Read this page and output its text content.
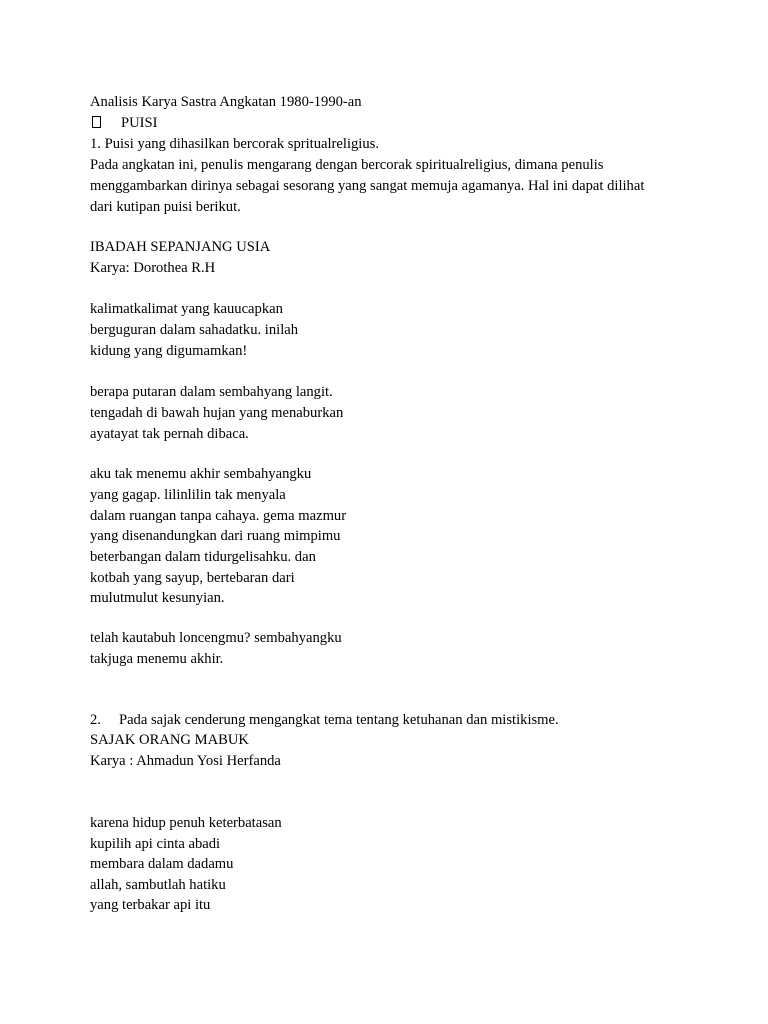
Analisis Karya Sastra Angkatan 1980-1990-an
PUISI
1. Puisi yang dihasilkan bercorak spritualreligius.
Pada angkatan ini, penulis mengarang dengan bercorak spiritualreligius, dimana penulis
menggambarkan dirinya sebagai sesorang yang sangat memuja agamanya. Hal ini dapat dilihat
dari kutipan puisi berikut.
IBADAH SEPANJANG USIA
Karya: Dorothea R.H
kalimatkalimat yang kauucapkan
berguguran dalam sahadatku. inilah
kidung yang digumamkan!
berapa putaran dalam sembahyang langit.
tengadah di bawah hujan yang menaburkan
ayatayat tak pernah dibaca.
aku tak menemu akhir sembahyangku
yang gagap. lilinlilin tak menyala
dalam ruangan tanpa cahaya. gema mazmur
yang disenandungkan dari ruang mimpimu
beterbangan dalam tidurgelisahku. dan
kotbah yang sayup, bertebaran dari
mulutmulut kesunyian.
telah kautabuh loncengmu? sembahyangku
takjuga menemu akhir.
2. Pada sajak cenderung mengangkat tema tentang ketuhanan dan mistikisme.
SAJAK ORANG MABUK
Karya : Ahmadun Yosi Herfanda
karena hidup penuh keterbatasan
kupilih api cinta abadi
membara dalam dadamu
allah, sambutlah hatiku
yang terbakar api itu
